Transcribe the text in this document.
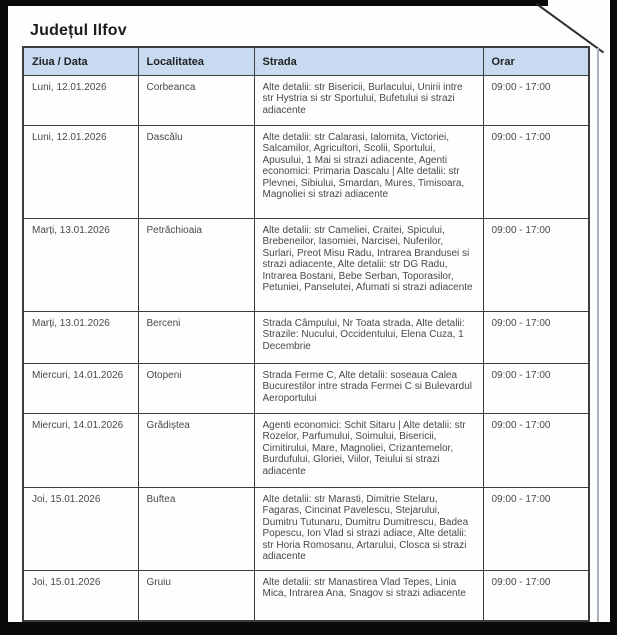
Județul Ilfov
Ziua / Data	Localitatea	Strada	Orar

Luni, 12.01.2026	Corbeanca	Alte detalii: str Bisericii, Burlacului, Unirii intre str Hystria si str Sportului, Bufetului si strazi adiacente	09:00 - 17:00

Luni, 12.01.2026	Dascălu	Alte detalii: str Calarasi, Ialomita, Victoriei, Salcamilor, Agricultori, Scolii, Sportului, Apusului, 1 Mai si strazi adiacente, Agenti economici: Primaria Dascalu | Alte detalii: str Plevnei, Sibiului, Smardan, Mures, Timisoara, Magnoliei si strazi adiacente	09:00 - 17:00

Marți, 13.01.2026	Petrăchioaia	Alte detalii: str Cameliei, Craitei, Spicului, Brebeneilor, Iasomiei, Narcisei, Nuferilor, Surlari, Preot Misu Radu, Intrarea Brandusei si strazi adiacente, Alte detalii: str DG Radu, Intrarea Bostani, Bebe Serban, Toporasilor, Petuniei, Panselutei, Afumati si strazi adiacente	09:00 - 17:00

Marți, 13.01.2026	Berceni	Strada Câmpului, Nr Toata strada, Alte detalii: Strazile: Nucului, Occidentului, Elena Cuza, 1 Decembrie	09:00 - 17:00

Miercuri, 14.01.2026	Otopeni	Strada Ferme C, Alte detalii: soseaua Calea Bucurestilor intre strada Fermei C si Bulevardul Aeroportului	09:00 - 17:00

Miercuri, 14.01.2026	Grădiștea	Agenti economici: Schit Sitaru | Alte detalii: str Rozelor, Parfumului, Soimului, Bisericii, Cimitirului, Mare, Magnoliei, Crizantemelor, Burdufului, Gloriei, Viilor, Teiului si strazi adiacente	09:00 - 17:00

Joi, 15.01.2026	Buftea	Alte detalii: str Marasti, Dimitrie Stelaru, Fagaras, Cincinat Pavelescu, Stejarului, Dumitru Tutunaru, Dumitru Dumitrescu, Badea Popescu, Ion Vlad si strazi adiace, Alte detalii: str Horia Romosanu, Artarului, Closca si strazi adiacente	09:00 - 17:00

Joi, 15.01.2026	Gruiu	Alte detalii: str Manastirea Vlad Tepes, Linia Mica, Intrarea Ana, Snagov si strazi adiacente	09:00 - 17:00
